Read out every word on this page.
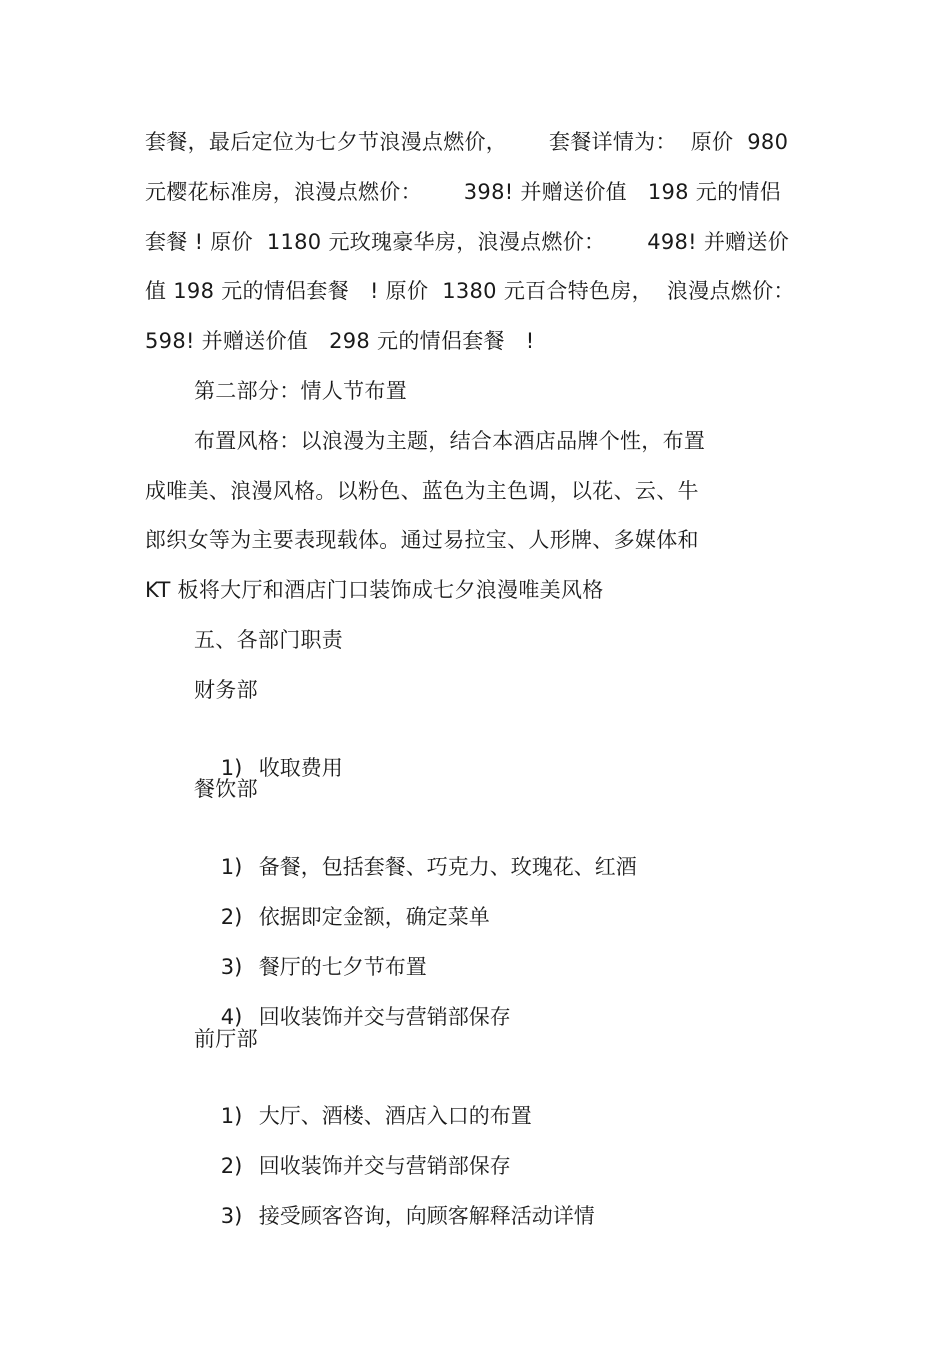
套餐，最后定位为七夕节浪漫点燃价，      套餐详情为：  原价  980
元樱花标准房，浪漫点燃价：      398! 并赠送价值   198 元的情侣
套餐 ! 原价  1180 元玫瑰豪华房，浪漫点燃价：      498! 并赠送价
值 198 元的情侣套餐   ! 原价  1380 元百合特色房，  浪漫点燃价：
598! 并赠送价值   298 元的情侣套餐   !
第二部分：情人节布置
布置风格：以浪漫为主题，结合本酒店品牌个性，布置
成唯美、浪漫风格。以粉色、蓝色为主色调，以花、云、牛
郎织女等为主要表现载体。通过易拉宝、人形牌、多媒体和
KT 板将大厅和酒店门口装饰成七夕浪漫唯美风格
五、各部门职责
财务部

1) 收取费用

餐饮部

1) 备餐，包括套餐、巧克力、玫瑰花、红酒

2) 依据即定金额，确定菜单

3) 餐厅的七夕节布置

4) 回收装饰并交与营销部保存

前厅部

1) 大厅、酒楼、酒店入口的布置

2) 回收装饰并交与营销部保存

3) 接受顾客咨询，向顾客解释活动详情
